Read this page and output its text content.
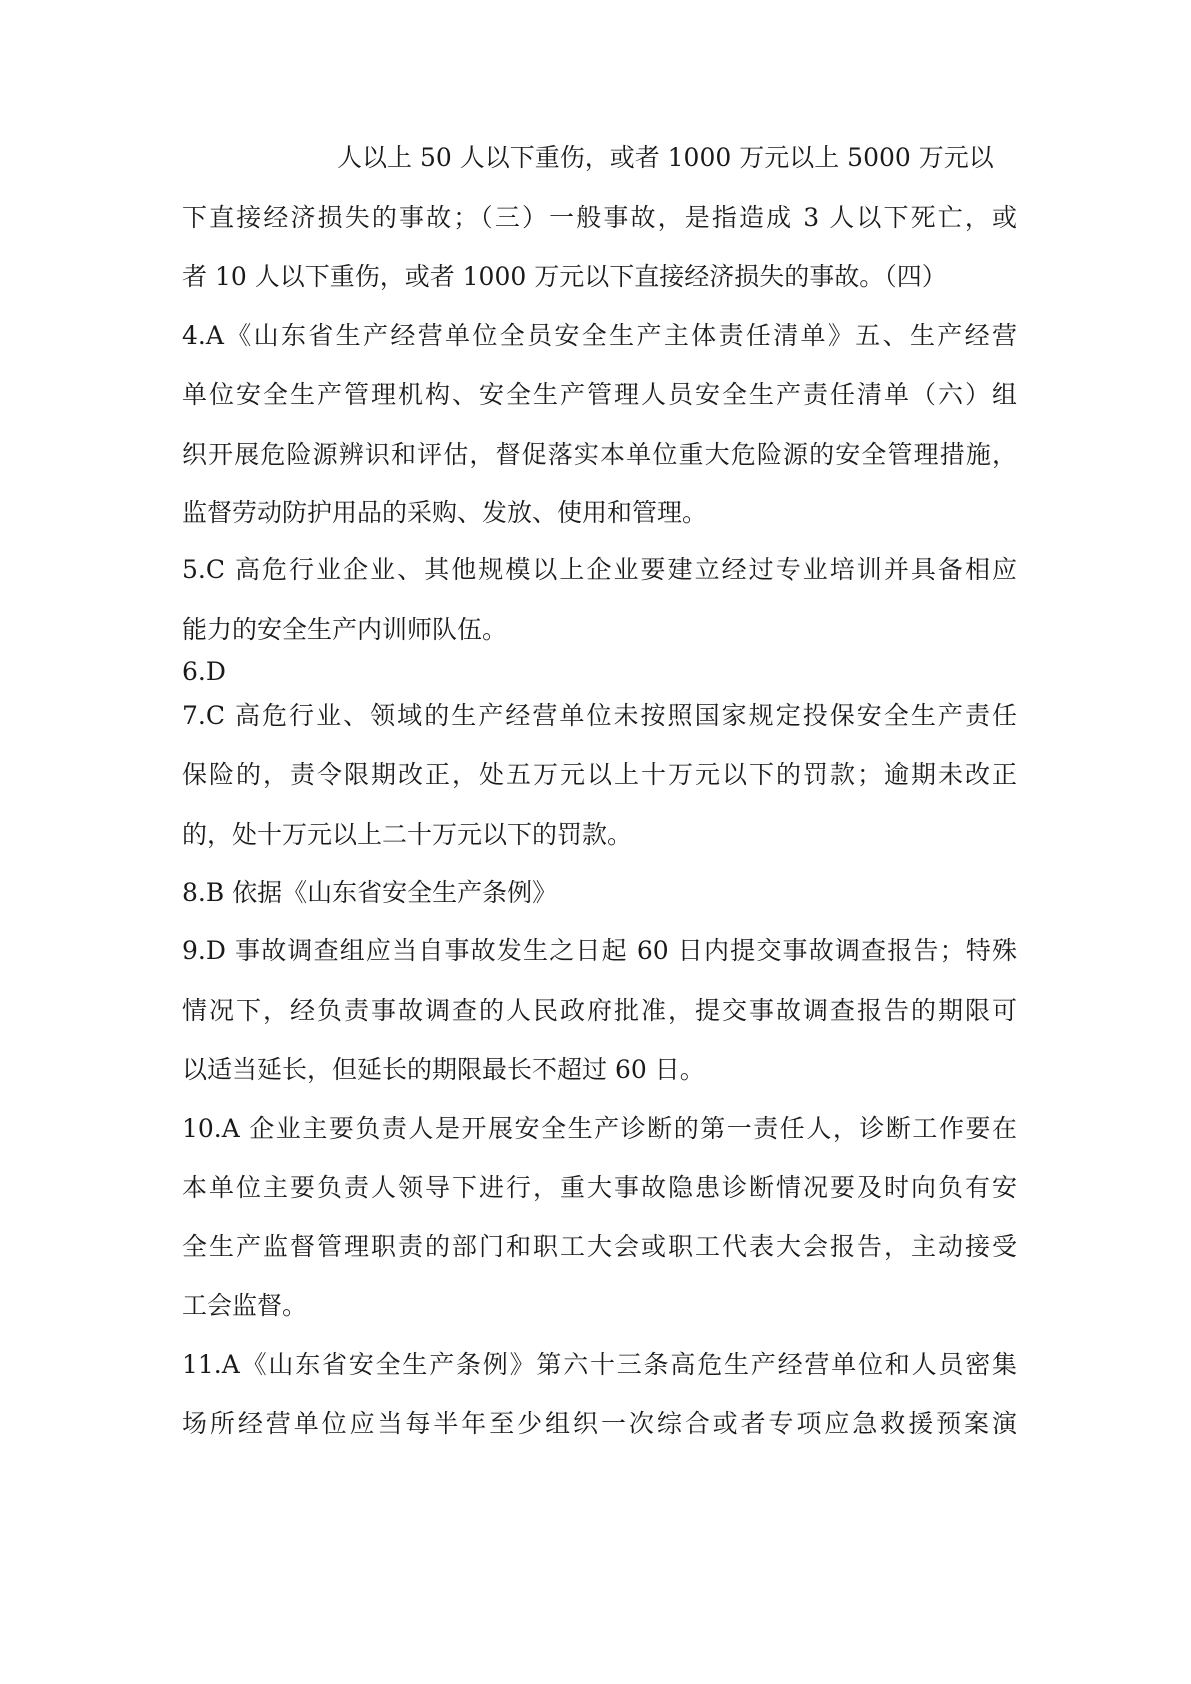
人以上 50 人以下重伤，或者 1000 万元以上 5000 万元以
下直接经济损失的事故；（三）一般事故，是指造成 3 人以下死亡，或
者 10 人以下重伤，或者 1000 万元以下直接经济损失的事故。（四）
4.A《山东省生产经营单位全员安全生产主体责任清单》五、生产经营
单位安全生产管理机构、安全生产管理人员安全生产责任清单（六）组
织开展危险源辨识和评估，督促落实本单位重大危险源的安全管理措施，
监督劳动防护用品的采购、发放、使用和管理。
5.C 高危行业企业、其他规模以上企业要建立经过专业培训并具备相应
能力的安全生产内训师队伍。
6.D
7.C 高危行业、领域的生产经营单位未按照国家规定投保安全生产责任
保险的，责令限期改正，处五万元以上十万元以下的罚款；逾期未改正
的，处十万元以上二十万元以下的罚款。
8.B 依据《山东省安全生产条例》
9.D 事故调查组应当自事故发生之日起 60 日内提交事故调查报告；特殊
情况下，经负责事故调查的人民政府批准，提交事故调查报告的期限可
以适当延长，但延长的期限最长不超过 60 日。
10.A 企业主要负责人是开展安全生产诊断的第一责任人，诊断工作要在
本单位主要负责人领导下进行，重大事故隐患诊断情况要及时向负有安
全生产监督管理职责的部门和职工大会或职工代表大会报告，主动接受
工会监督。
11.A《山东省安全生产条例》第六十三条高危生产经营单位和人员密集
场所经营单位应当每半年至少组织一次综合或者专项应急救援预案演
